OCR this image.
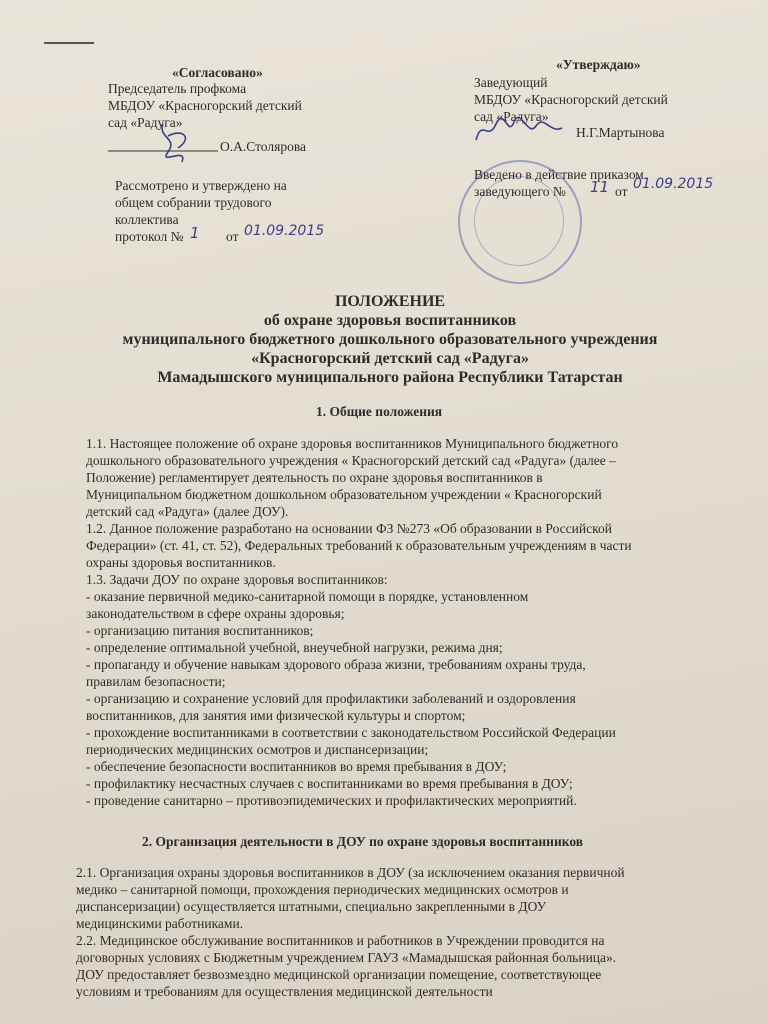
«Согласовано»
Председатель профкома
МБДОУ «Красногорский детский
сад «Радуга»
О.А.Столярова
Рассмотрено и утверждено на
общем собрании трудового
коллектива
протокол № 1 от 01.09.2015
«Утверждаю»
Заведующий
МБДОУ «Красногорский детский
сад «Радуга»
Н.Г.Мартынова
Введено в действие приказом
заведующего № 11 от 01.09.2015
ПОЛОЖЕНИЕ
об охране здоровья воспитанников
муниципального бюджетного дошкольного образовательного учреждения
«Красногорский детский сад «Радуга»
Мамадышского муниципального района Республики Татарстан
1. Общие положения
1.1. Настоящее положение об охране здоровья воспитанников Муниципального бюджетного
дошкольного образовательного учреждения « Красногорский детский сад «Радуга» (далее –
Положение) регламентирует деятельность по охране здоровья воспитанников в
Муниципальном бюджетном дошкольном образовательном учреждении « Красногорский
детский сад «Радуга» (далее ДОУ).
1.2. Данное положение разработано на основании ФЗ №273 «Об образовании в Российской
Федерации» (ст. 41, ст. 52), Федеральных требований к образовательным учреждениям в части
охраны здоровья воспитанников.
1.3. Задачи ДОУ по охране здоровья воспитанников:
- оказание первичной медико-санитарной помощи в порядке, установленном
законодательством в сфере охраны здоровья;
- организацию питания воспитанников;
- определение оптимальной учебной, внеучебной нагрузки, режима дня;
- пропаганду и обучение навыкам здорового образа жизни, требованиям охраны труда,
правилам безопасности;
- организацию и сохранение условий для профилактики заболеваний и оздоровления
воспитанников, для занятия ими физической культуры и спортом;
- прохождение воспитанниками в соответствии с законодательством Российской Федерации
периодических медицинских осмотров и диспансеризации;
- обеспечение безопасности воспитанников во время пребывания в ДОУ;
- профилактику несчастных случаев с воспитанниками во время пребывания в ДОУ;
- проведение санитарно – противоэпидемических и профилактических мероприятий.
2. Организация деятельности в ДОУ по охране здоровья воспитанников
2.1. Организация охраны здоровья воспитанников в ДОУ (за исключением оказания первичной
медико – санитарной помощи, прохождения периодических медицинских осмотров и
диспансеризации) осуществляется штатными, специально закрепленными в ДОУ
медицинскими работниками.
2.2. Медицинское обслуживание воспитанников и работников в Учреждении проводится на
договорных условиях с Бюджетным учреждением ГАУЗ «Мамадышская районная больница».
ДОУ предоставляет безвозмездно медицинской организации помещение, соответствующее
условиям и требованиям для осуществления медицинской деятельности
